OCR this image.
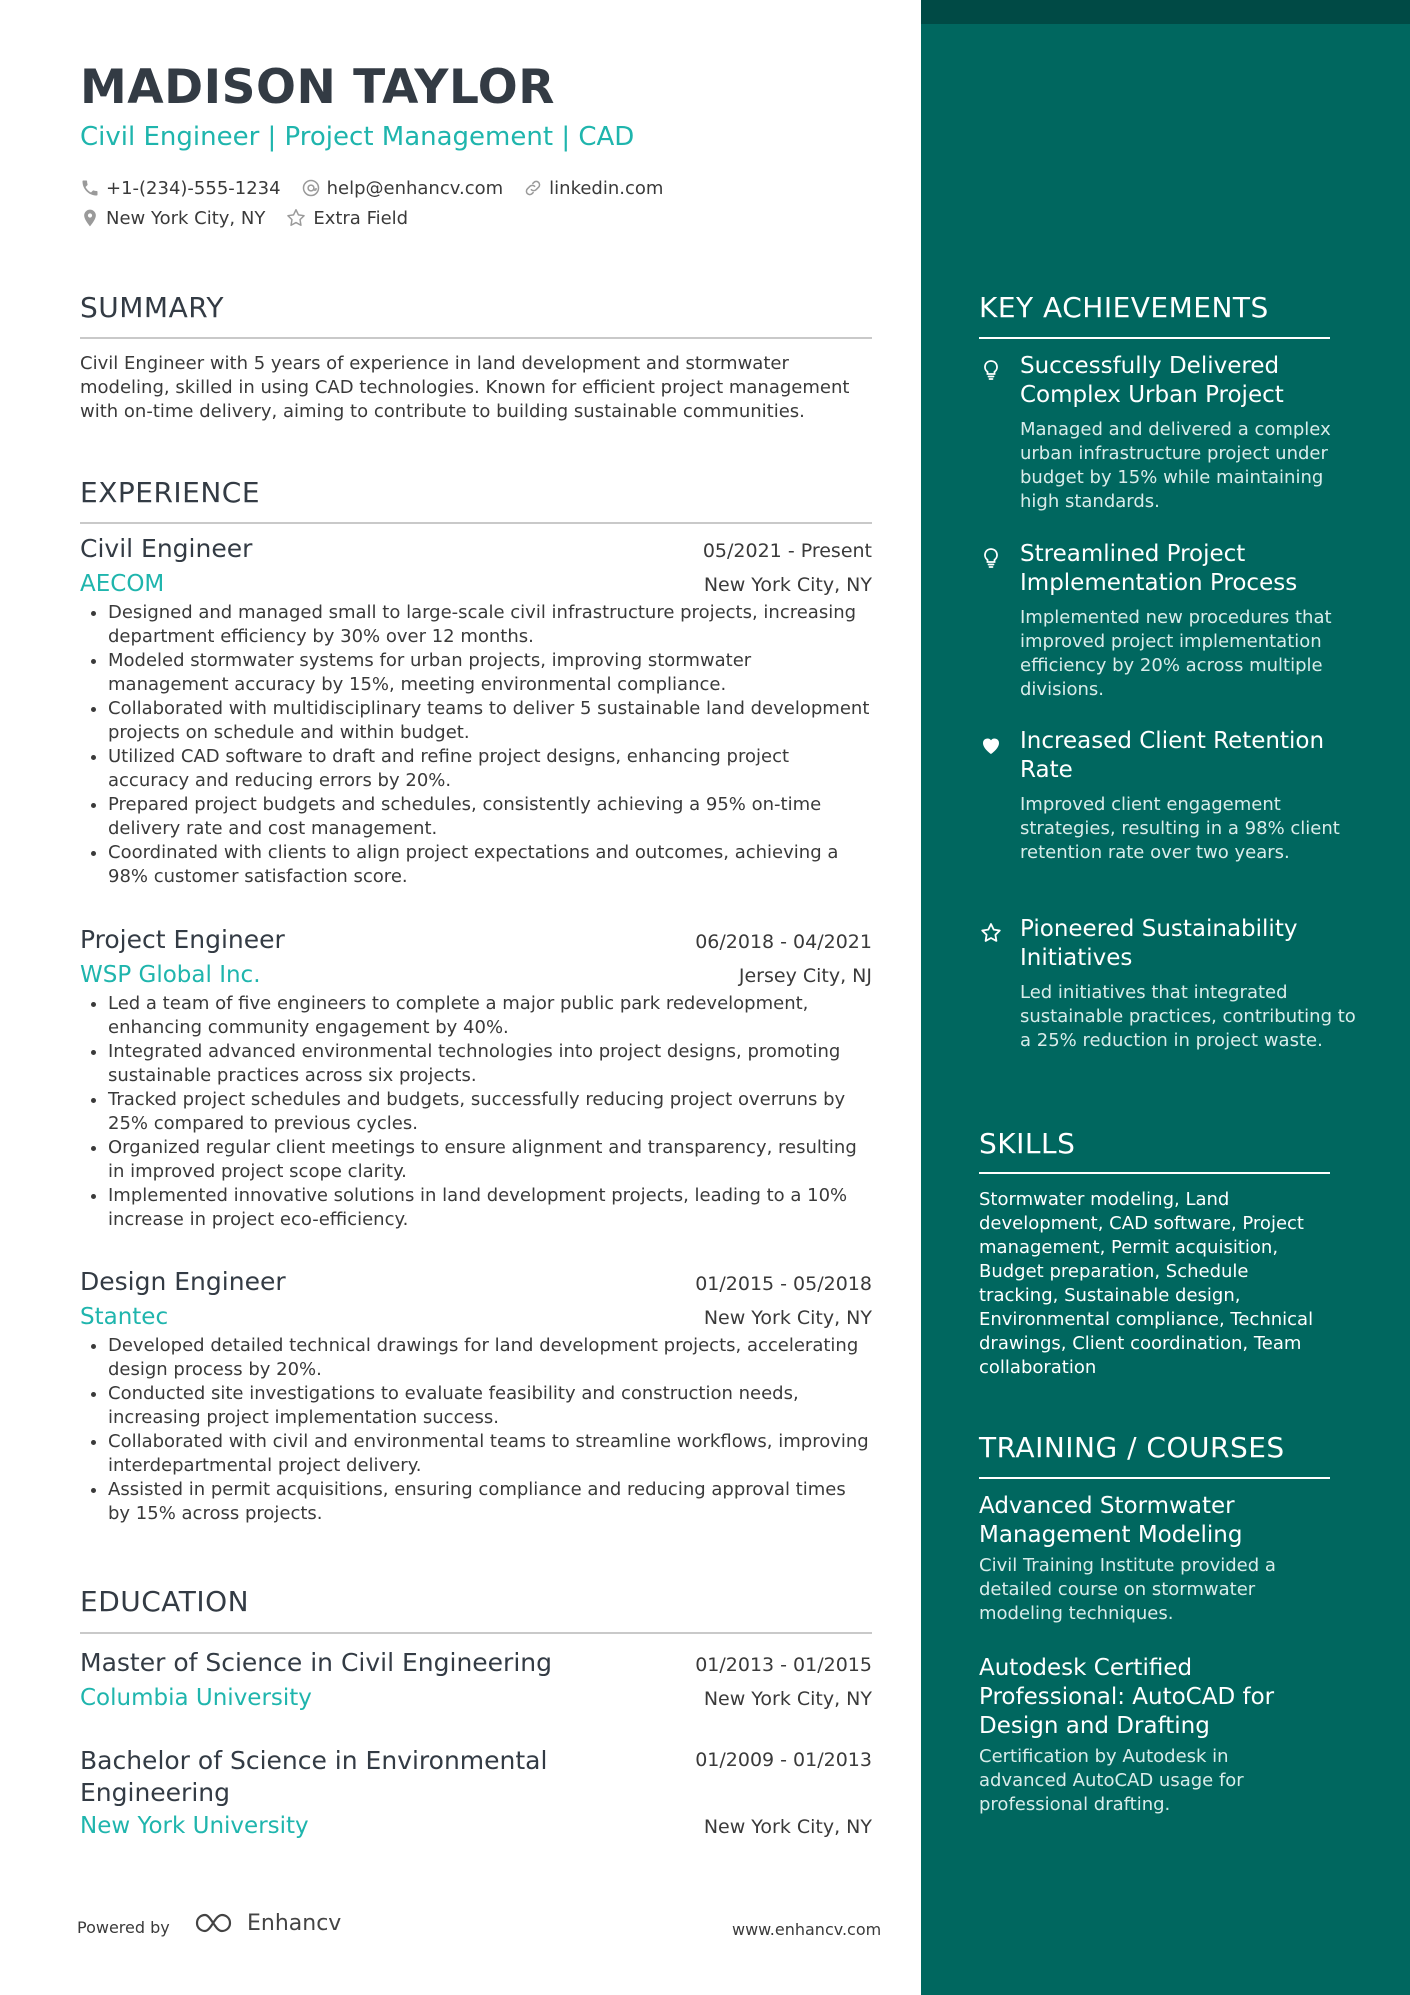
MADISON TAYLOR
Civil Engineer | Project Management | CAD
+1-(234)-555-1234	help@enhancv.com	linkedin.com
New York City, NY	Extra Field
SUMMARY

Civil Engineer with 5 years of experience in land development and stormwater modeling, skilled in using CAD technologies. Known for efficient project management with on-time delivery, aiming to contribute to building sustainable communities.

EXPERIENCE
Civil Engineer	05/2021 - Present
AECOM	New York City, NY
• Designed and managed small to large-scale civil infrastructure projects, increasing department efficiency by 30% over 12 months.
• Modeled stormwater systems for urban projects, improving stormwater management accuracy by 15%, meeting environmental compliance.
• Collaborated with multidisciplinary teams to deliver 5 sustainable land development projects on schedule and within budget.
• Utilized CAD software to draft and refine project designs, enhancing project accuracy and reducing errors by 20%.
• Prepared project budgets and schedules, consistently achieving a 95% on-time delivery rate and cost management.
• Coordinated with clients to align project expectations and outcomes, achieving a 98% customer satisfaction score.
Project Engineer	06/2018 - 04/2021
WSP Global Inc.	Jersey City, NJ
• Led a team of five engineers to complete a major public park redevelopment, enhancing community engagement by 40%.
• Integrated advanced environmental technologies into project designs, promoting sustainable practices across six projects.
• Tracked project schedules and budgets, successfully reducing project overruns by 25% compared to previous cycles.
• Organized regular client meetings to ensure alignment and transparency, resulting in improved project scope clarity.
• Implemented innovative solutions in land development projects, leading to a 10% increase in project eco-efficiency.
Design Engineer	01/2015 - 05/2018
Stantec	New York City, NY
• Developed detailed technical drawings for land development projects, accelerating design process by 20%.
• Conducted site investigations to evaluate feasibility and construction needs, increasing project implementation success.
• Collaborated with civil and environmental teams to streamline workflows, improving interdepartmental project delivery.
• Assisted in permit acquisitions, ensuring compliance and reducing approval times by 15% across projects.
EDUCATION
Master of Science in Civil Engineering	01/2013 - 01/2015
Columbia University	New York City, NY
Bachelor of Science in Environmental Engineering
01/2009 - 01/2013
New York University	New York City, NY
Powered by	Enhancv	www.enhancv.com
KEY ACHIEVEMENTS
Successfully Delivered Complex Urban Project
Managed and delivered a complex urban infrastructure project under budget by 15% while maintaining high standards.
Streamlined Project Implementation Process
Implemented new procedures that improved project implementation efficiency by 20% across multiple divisions.
Increased Client Retention Rate
Improved client engagement strategies, resulting in a 98% client retention rate over two years.
Pioneered Sustainability Initiatives
Led initiatives that integrated sustainable practices, contributing to a 25% reduction in project waste.
SKILLS

Stormwater modeling, Land development, CAD software, Project management, Permit acquisition, Budget preparation, Schedule tracking, Sustainable design, Environmental compliance, Technical drawings, Client coordination, Team collaboration

TRAINING / COURSES
Advanced Stormwater Management Modeling
Civil Training Institute provided a detailed course on stormwater modeling techniques.
Autodesk Certified Professional: AutoCAD for Design and Drafting
Certification by Autodesk in advanced AutoCAD usage for professional drafting.
